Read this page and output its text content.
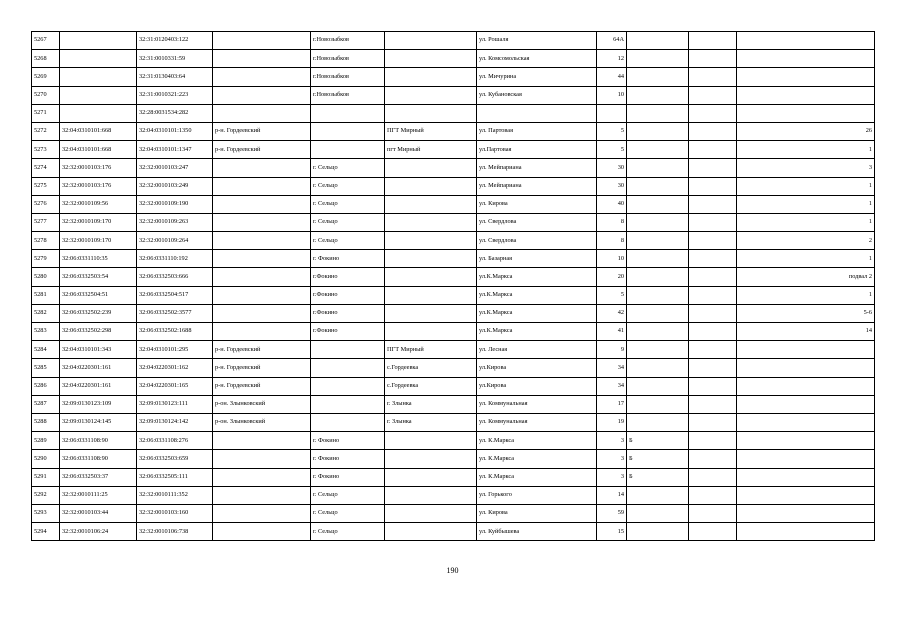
5267		32:31:0120403:122		г.Новозыбков		ул. Рошаля	64А			
5268		32:31:0010331:59		г.Новозыбков		ул. Комсомольская	12			
5269		32:31:0130403:64		г.Новозыбков		ул. Мичурина	44			
5270		32:31:0010321:223		г.Новозыбков		ул. Кубановская	10			
5271		32:28:0031534:282								
5272	32:04:0310101:668	32:04:0310101:1350	р-н. Гордеевский		ПГТ Мирный	ул. Партовая	5			26
5273	32:04:0310101:668	32:04:0310101:1347	р-н. Гордеевский		пгт Мирный	ул.Партовая	5			1
5274	32:32:0010103:176	32:32:0010103:247		г. Сельцо		ул. Мейпариана	30			3
5275	32:32:0010103:176	32:32:0010103:249		г. Сельцо		ул. Мейпариана	30			1
5276	32:32:0010109:56	32:32:0010109:190		г. Сельцо		ул. Кирова	40			1
5277	32:32:0010109:170	32:32:0010109:263		г. Сельцо		ул. Свердлова	8			1
5278	32:32:0010109:170	32:32:0010109:264		г. Сельцо		ул. Свердлова	8			2
5279	32:06:0331110:35	32:06:0331110:192		г. Фокино		ул. Базарная	10			1
5280	32:06:0332503:54	32:06:0332503:666		г.Фокино		ул.К.Маркса	20			подвал 2
5281	32:06:0332504:51	32:06:0332504:517		г.Фокино		ул.К.Маркса	5			1
5282	32:06:0332502:239	32:06:0332502:3577		г.Фокино		ул.К.Маркса	42			5-6
5283	32:06:0332502:298	32:06:0332502:1688		г.Фокино		ул.К.Маркса	41			14
5284	32:04:0310101:343	32:04:0310101:295	р-н. Гордеевский		ПГТ Мирный	ул. Лесная	9			
5285	32:04:0220301:161	32:04:0220301:162	р-н. Гордеевский		с.Гордеевка	ул.Кирова	34			
5286	32:04:0220301:161	32:04:0220301:165	р-н. Гордеевский		с.Гордеевка	ул.Кирова	34			
5287	32:09:0130123:109	32:09:0130123:111	р-он. Злынковский		г. Злынка	ул. Коммунальная	17			
5288	32:09:0130124:145	32:09:0130124:142	р-он. Злынковский		г. Злынка	ул. Коммунальная	19			
5289	32:06:0331108:90	32:06:0331108:276		г. Фокино		ул. К.Маркса	3	Б		
5290	32:06:0331108:90	32:06:0332503:659		г. Фокино		ул. К.Маркса	3	Б		
5291	32:06:0332503:37	32:06:0332505:111		г. Фокино		ул. К.Маркса	3	Б		
5292	32:32:0010111:25	32:32:0010111:352		г. Сельцо		ул. Горького	14			
5293	32:32:0010103:44	32:32:0010103:160		г. Сельцо		ул. Кирова	59			
5294	32:32:0010106:24	32:32:0010106:738		г. Сельцо		ул. Куйбышева	15			
190
